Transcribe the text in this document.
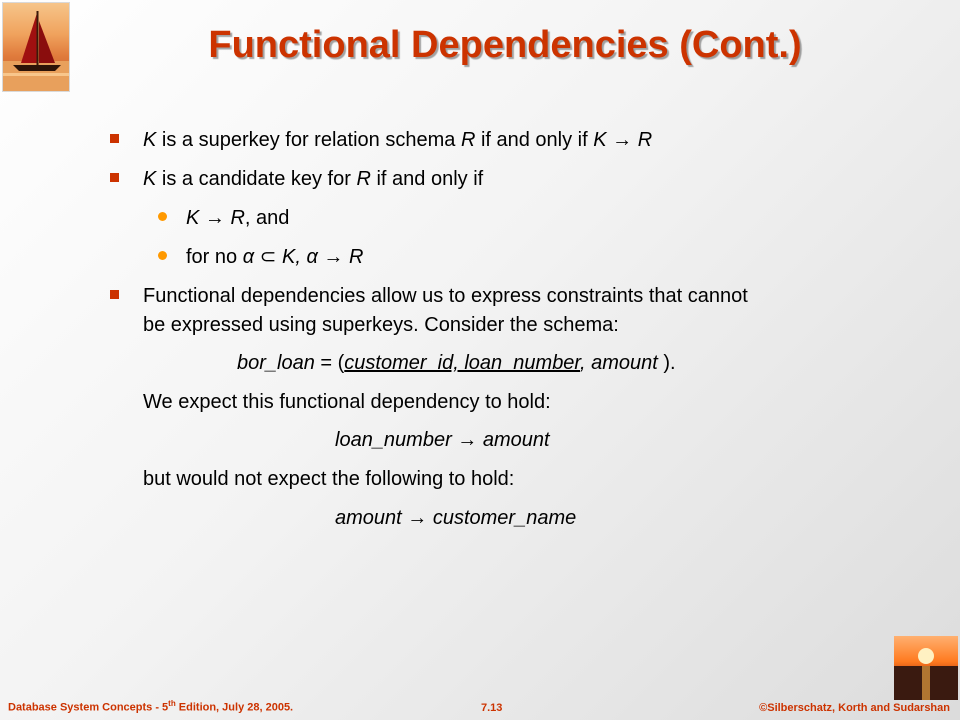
Functional Dependencies (Cont.)
K is a superkey for relation schema R if and only if K → R
K is a candidate key for R if and only if
K → R, and
for no α ⊂ K, α → R
Functional dependencies allow us to express constraints that cannot
be expressed using superkeys. Consider the schema:
bor_loan = (customer_id, loan_number, amount ).
We expect this functional dependency to hold:
loan_number → amount
but would not expect the following to hold:
amount → customer_name
Database System Concepts - 5th Edition, July 28, 2005.	7.13	©Silberschatz, Korth and Sudarshan
